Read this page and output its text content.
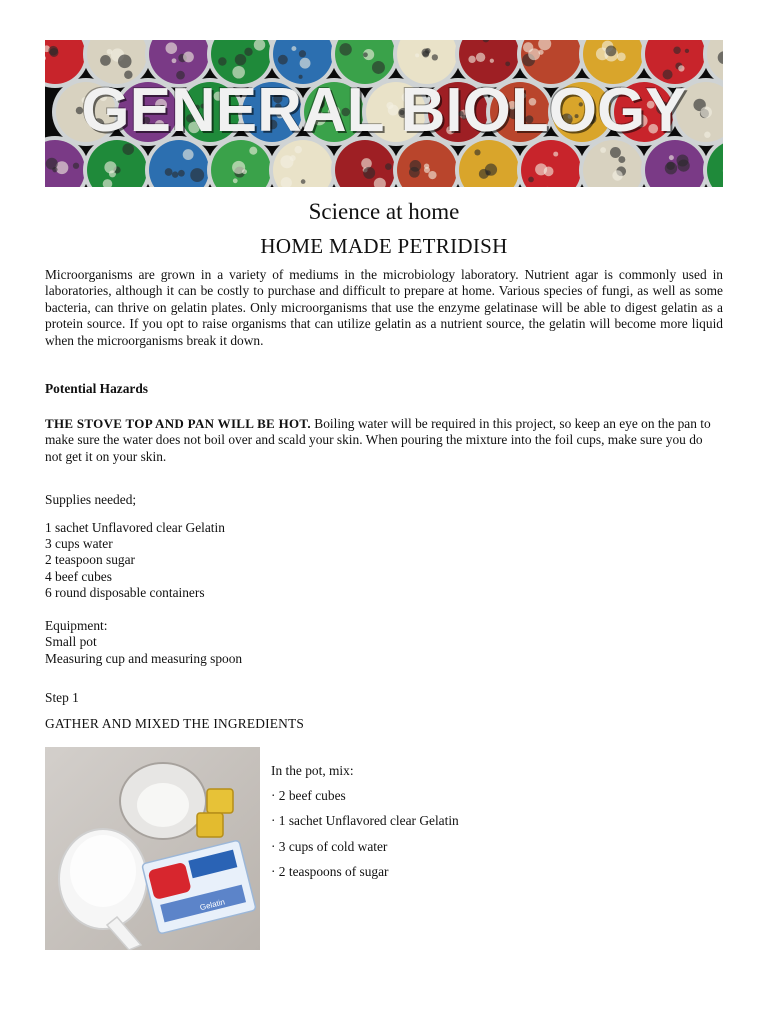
GENERAL BIOLOGY
Science at home
HOME MADE PETRIDISH

Microorganisms are grown in a variety of mediums in the microbiology laboratory. Nutrient agar is commonly used in laboratories, although it can be costly to purchase and difficult to prepare at home. Various species of fungi, as well as some bacteria, can thrive on gelatin plates. Only microorganisms that use the enzyme gelatinase will be able to digest gelatin as a protein source. If you opt to raise organisms that can utilize gelatin as a nutrient source, the gelatin will become more liquid when the microorganisms break it down.

Potential Hazards

THE STOVE TOP AND PAN WILL BE HOT. Boiling water will be required in this project, so keep an eye on the pan to make sure the water does not boil over and scald your skin. When pouring the mixture into the foil cups, make sure you do not get it on your skin.

Supplies needed;
1 sachet Unflavored clear Gelatin
3 cups water
2 teaspoon sugar
4 beef cubes
6 round disposable containers
Equipment:
Small pot
Measuring cup and measuring spoon
Step 1
GATHER AND MIXED THE INGREDIENTS
Gelatin
In the pot, mix:
· 2 beef cubes
· 1 sachet Unflavored clear Gelatin
· 3 cups of cold water
· 2 teaspoons of sugar
